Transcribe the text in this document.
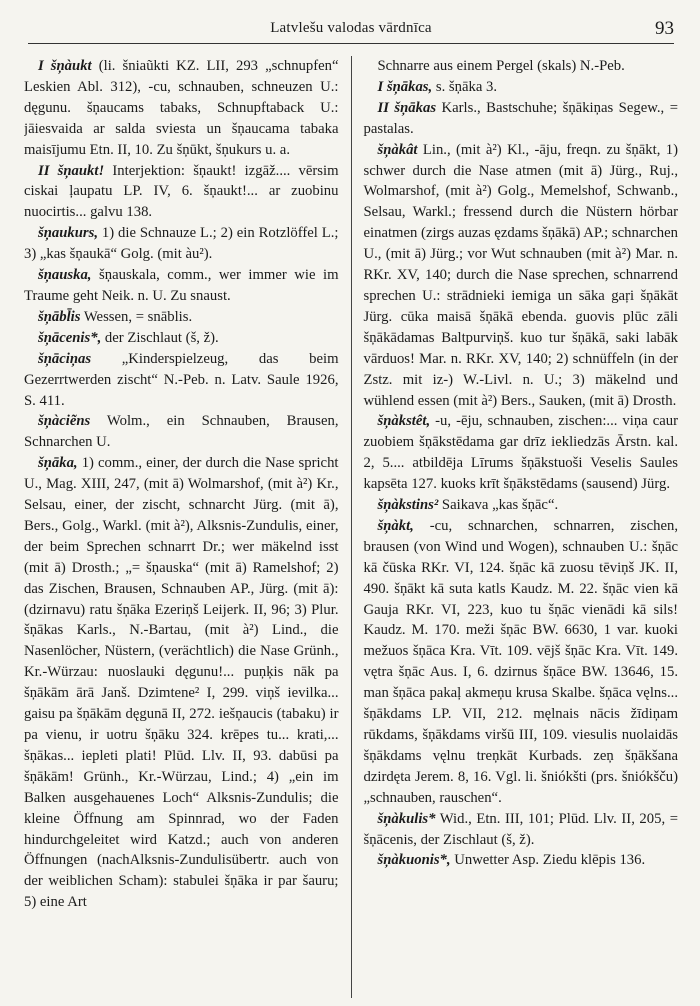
Latvlešu valodas vārdnīca	93
I šņàukt (li. šniaũkti KZ. LII, 293 „schnupfen“ Leskien Abl. 312), -cu, schnauben, schneuzen U.: dęgunu. šņaucams tabaks, Schnupftaback U.: jāiesvaida ar salda sviesta un šņaucama tabaka maisījumu Etn. II, 10. Zu šņūkt, šņukurs u. a.
II šņaukt! Interjektion: šņaukt! izgāž.... vērsim ciskai ļaupatu LP. IV, 6. šņaukt!... ar zuobinu nuocirtis... galvu 138.
šņaukurs, 1) die Schnauze L.; 2) ein Rotzlöffel L.; 3) „kas šņaukā“ Golg. (mit àu²).
šņauska, šņauskala, comm., wer immer wie im Traume geht Neik. n. U. Zu snaust.
šņābl̄is Wessen, = snāblis.
šņācenis*, der Zischlaut (š, ž).
šņāciņas „Kinderspielzeug, das beim Gezerrtwerden zischt“ N.-Peb. n. Latv. Saule 1926, S. 411.
šņàciẽns Wolm., ein Schnauben, Brausen, Schnarchen U.
šņāka, 1) comm., einer, der durch die Nase spricht U., Mag. XIII, 247, (mit ā) Wolmarshof, (mit à²) Kr., Selsau, einer, der zischt, schnarcht Jürg. (mit ā), Bers., Golg., Warkl. (mit à²), Alksnis-Zundulis, einer, der beim Sprechen schnarrt Dr.; wer mäkelnd isst (mit ā) Drosth.; „= šņauska“ (mit ā) Ramelshof; 2) das Zischen, Brausen, Schnauben AP., Jürg. (mit ā): (dzirnavu) ratu šņāka Ezeriņš Leijerk. II, 96; 3) Plur. šņākas Karls., N.-Bartau, (mit à²) Lind., die Nasenlöcher, Nüstern, (verächtlich) die Nase Grünh., Kr.-Würzau: nuoslauki dęgunu!... puņķis nāk pa šņākām ārā Janš. Dzimtene² I, 299. viņš ievilka... gaisu pa šņākām dęgunā II, 272. iešņaucis (tabaku) ir pa vienu, ir uotru šņāku 324. krēpes tu... krati,... šņākas... iepleti plati! Plūd. Llv. II, 93. dabūsi pa šņākām! Grünh., Kr.-Würzau, Lind.; 4) „ein im Balken ausgehauenes Loch“ Alksnis-Zundulis; die kleine Öffnung am Spinnrad, wo der Faden hindurchgeleitet wird Katzd.; auch von anderen Öffnungen (nachAlksnis-Zundulisübertr. auch von der weiblichen Scham): stabulei šņāka ir par šauru; 5) eine Art
Schnarre aus einem Pergel (skals) N.-Peb.
I šņākas, s. šņāka 3.
II šņākas Karls., Bastschuhe; šņākiņas Segew., = pastalas.
šņàkât Lin., (mit à²) Kl., -āju, freqn. zu šņākt, 1) schwer durch die Nase atmen (mit ā) Jürg., Ruj., Wolmarshof, (mit à²) Golg., Memelshof, Schwanb., Selsau, Warkl.; fressend durch die Nüstern hörbar einatmen (zirgs auzas ęzdams šņākā) AP.; schnarchen U., (mit ā) Jürg.; vor Wut schnauben (mit à²) Mar. n. RKr. XV, 140; durch die Nase sprechen, schnarrend sprechen U.: strādnieki iemiga un sāka gaŗi šņākāt Jürg. cūka maisā šņākā ebenda. guovis plūc zāli šņākādamas Baltpurviņš. kuo tur šņākā, saki labāk vārduos! Mar. n. RKr. XV, 140; 2) schnüffeln (in der Zstz. mit iz-) W.-Livl. n. U.; 3) mäkelnd und wühlend essen (mit à²) Bers., Sauken, (mit ā) Drosth.
šņàkstêt, -u, -ēju, schnauben, zischen:... viņa caur zuobiem šņākstēdama gar drīz iekliedzās Ārstn. kal. 2, 5.... atbildēja Līrums šņākstuoši Veselis Saules kapsēta 127. kuoks krīt šņākstēdams (sausend) Jürg.
šņàkstins² Saikava „kas šņāc“.
šņàkt, -cu, schnarchen, schnarren, zischen, brausen (von Wind und Wogen), schnauben U.: šņāc kā čūska RKr. VI, 124. šņāc kā zuosu tēviņš JK. II, 490. šņākt kā suta katls Kaudz. M. 22. šņāc vien kā Gauja RKr. VI, 223, kuo tu šņāc vienādi kā sils! Kaudz. M. 170. meži šņāc BW. 6630, 1 var. kuoki mežuos šņāca Kra. Vīt. 109. vējš šņāc Kra. Vīt. 149. vętra šņāc Aus. I, 6. dzirnus šņāce BW. 13646, 15. man šņāca pakaļ akmeņu krusa Skalbe. šņāca vęlns... šņākdams LP. VII, 212. męlnais nācis žīdiņam rūkdams, šņākdams viršū III, 109. viesulis nuolaidās šņākdams vęlnu treņkāt Kurbads. zeņ šņākšana dzirdęta Jerem. 8, 16. Vgl. li. šniókšti (prs. šniókšču) „schnauben, rauschen“.
šņàkulis* Wid., Etn. III, 101; Plūd. Llv. II, 205, = šņācenis, der Zischlaut (š, ž).
šņàkuonis*, Unwetter Asp. Ziedu klēpis 136.
